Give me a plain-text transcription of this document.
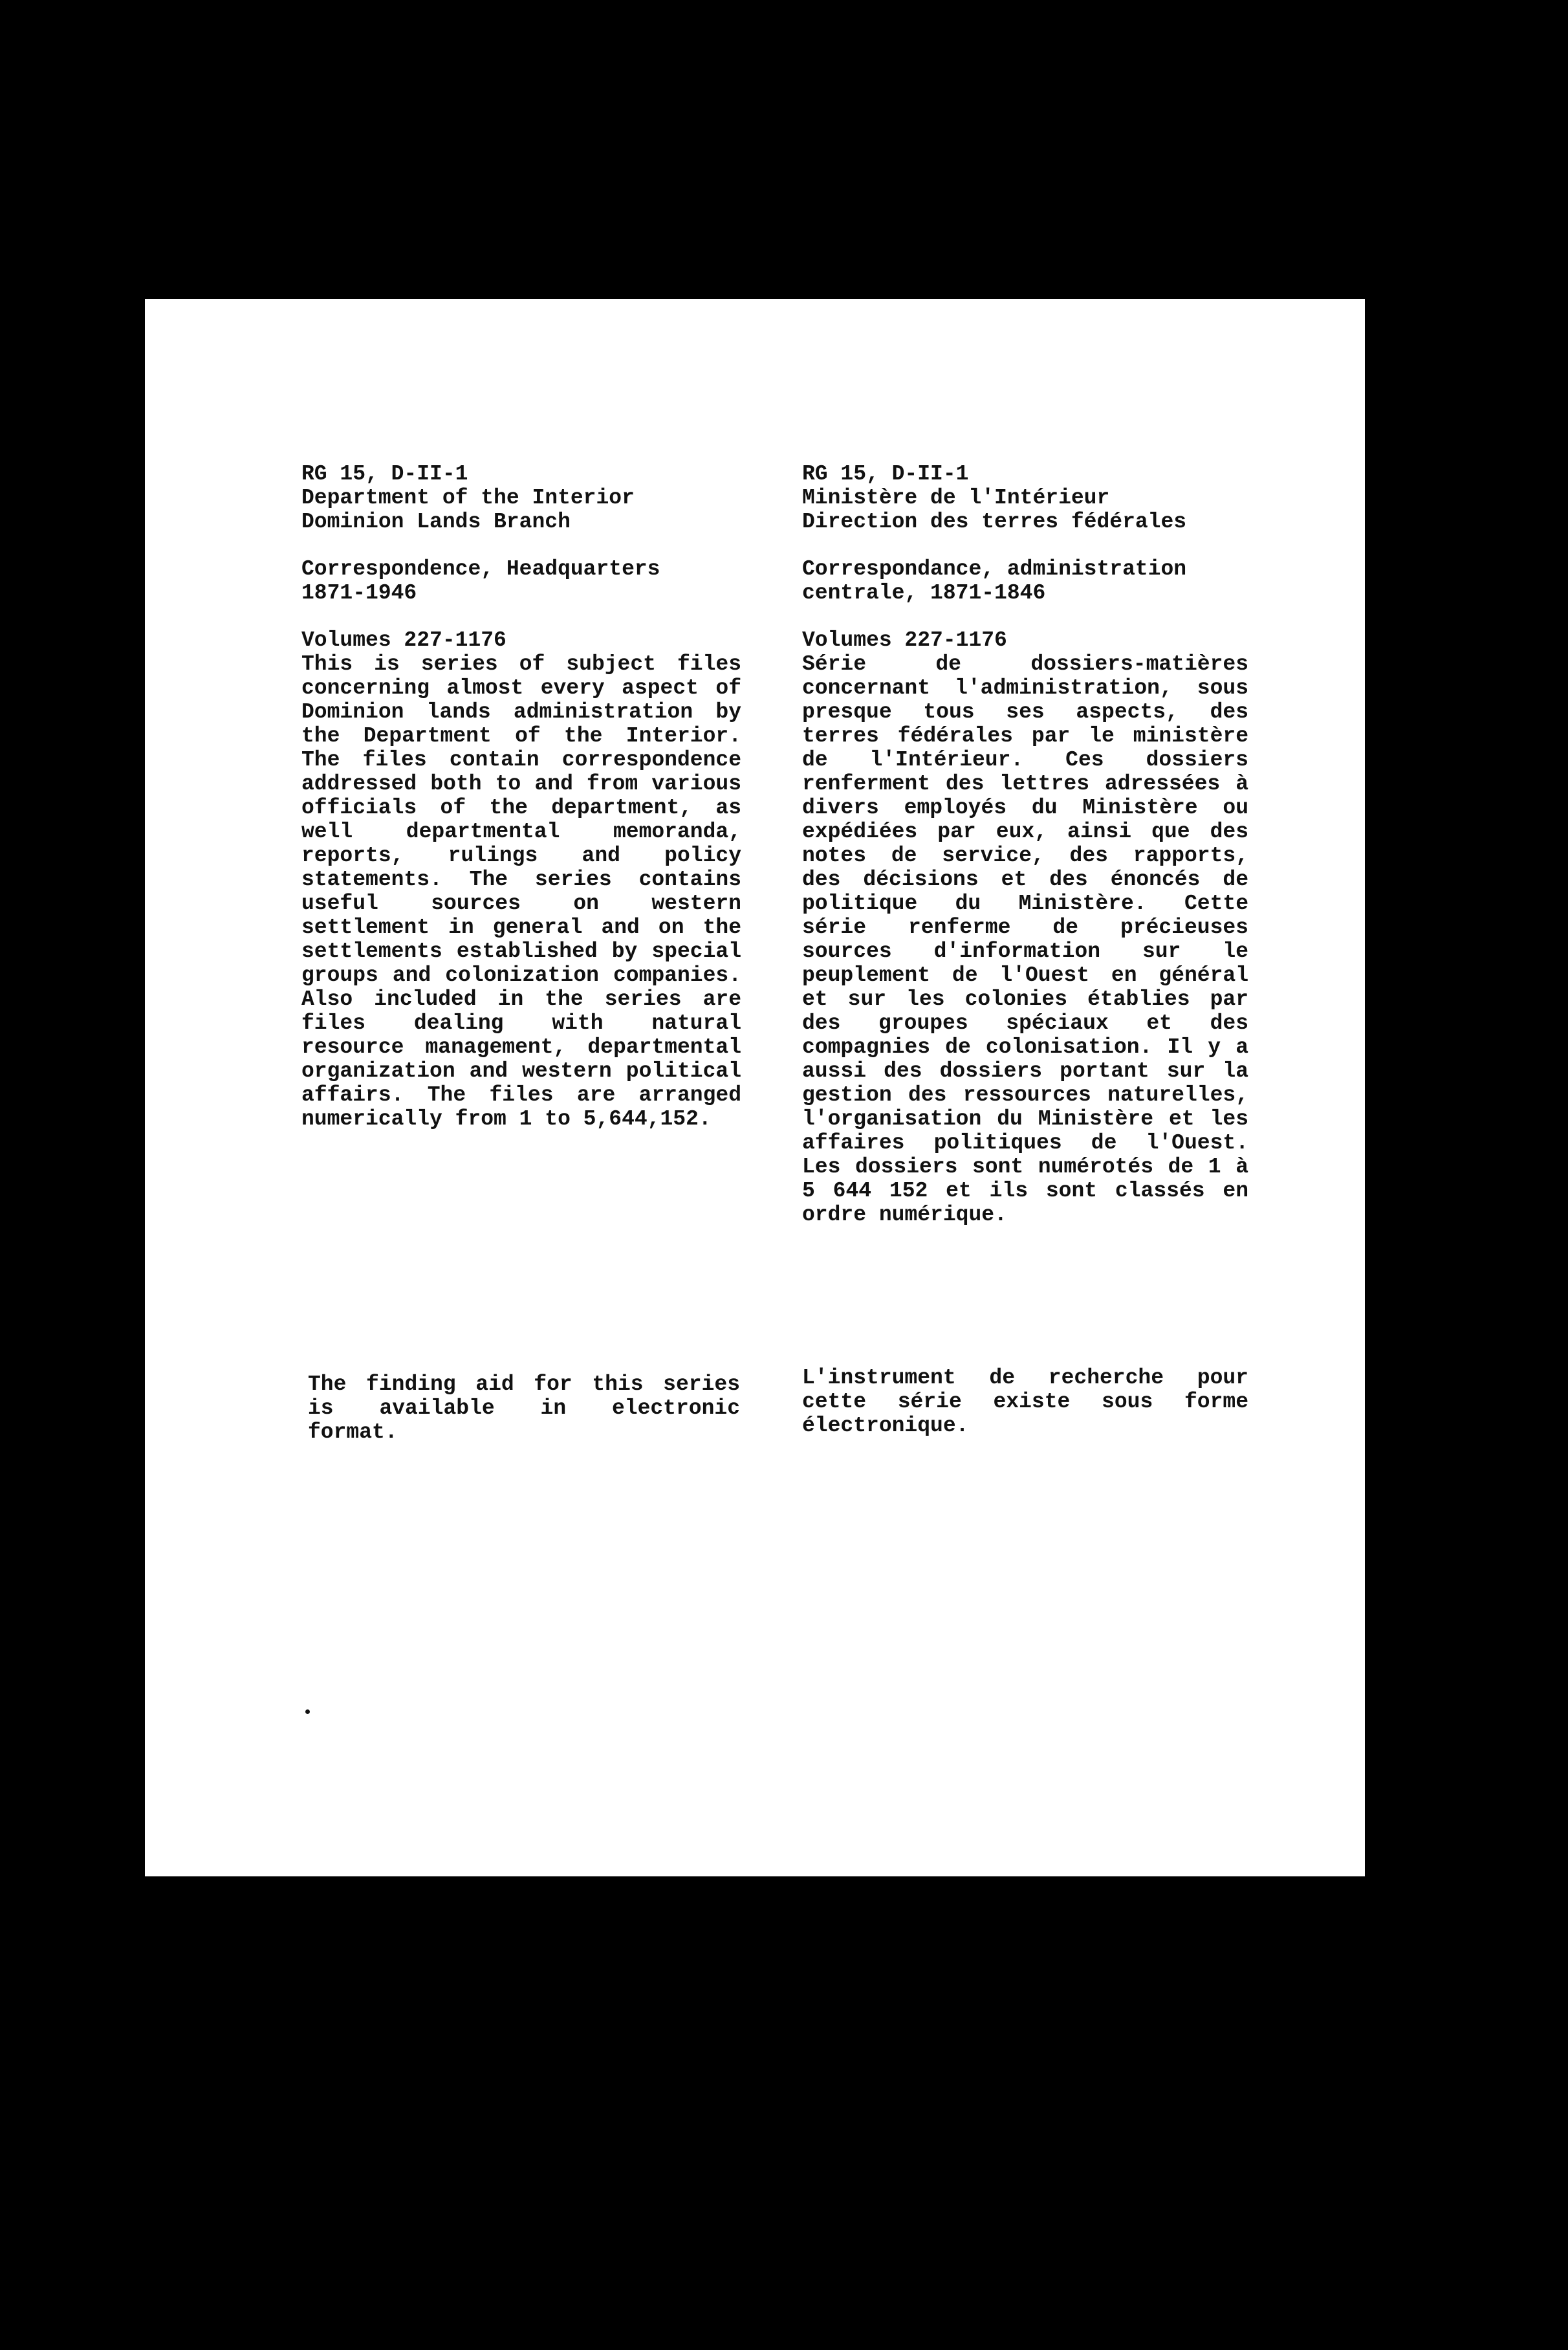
RG 15, D-II-1

Department of the Interior

Dominion Lands Branch

Correspondence, Headquarters

1871-1946

Volumes 227-1176

This is series of subject files concerning almost every aspect of Dominion lands administration by the Department of the Interior. The files contain correspondence addressed both to and from various officials of the department, as well departmental memoranda, reports, rulings and policy statements. The series contains useful sources on western settlement in general and on the settlements established by special groups and colonization companies. Also included in the series are files dealing with natural resource management, departmental organization and western political affairs. The files are arranged numerically from 1 to 5,644,152.

RG 15, D-II-1

Ministère de l'Intérieur

Direction des terres fédérales

Correspondance, administration

centrale, 1871-1846

Volumes 227-1176

Série de dossiers-matières concernant l'administration, sous presque tous ses aspects, des terres fédérales par le ministère de l'Intérieur. Ces dossiers renferment des lettres adressées à divers employés du Ministère ou expédiées par eux, ainsi que des notes de service, des rapports, des décisions et des énoncés de politique du Ministère. Cette série renferme de précieuses sources d'information sur le peuplement de l'Ouest en général et sur les colonies établies par des groupes spéciaux et des compagnies de colonisation. Il y a aussi des dossiers portant sur la gestion des ressources naturelles, l'organisation du Ministère et les affaires politiques de l'Ouest. Les dossiers sont numérotés de 1 à 5 644 152 et ils sont classés en ordre numérique.

The finding aid for this series is available in electronic format.

L'instrument de recherche pour cette série existe sous forme électronique.
